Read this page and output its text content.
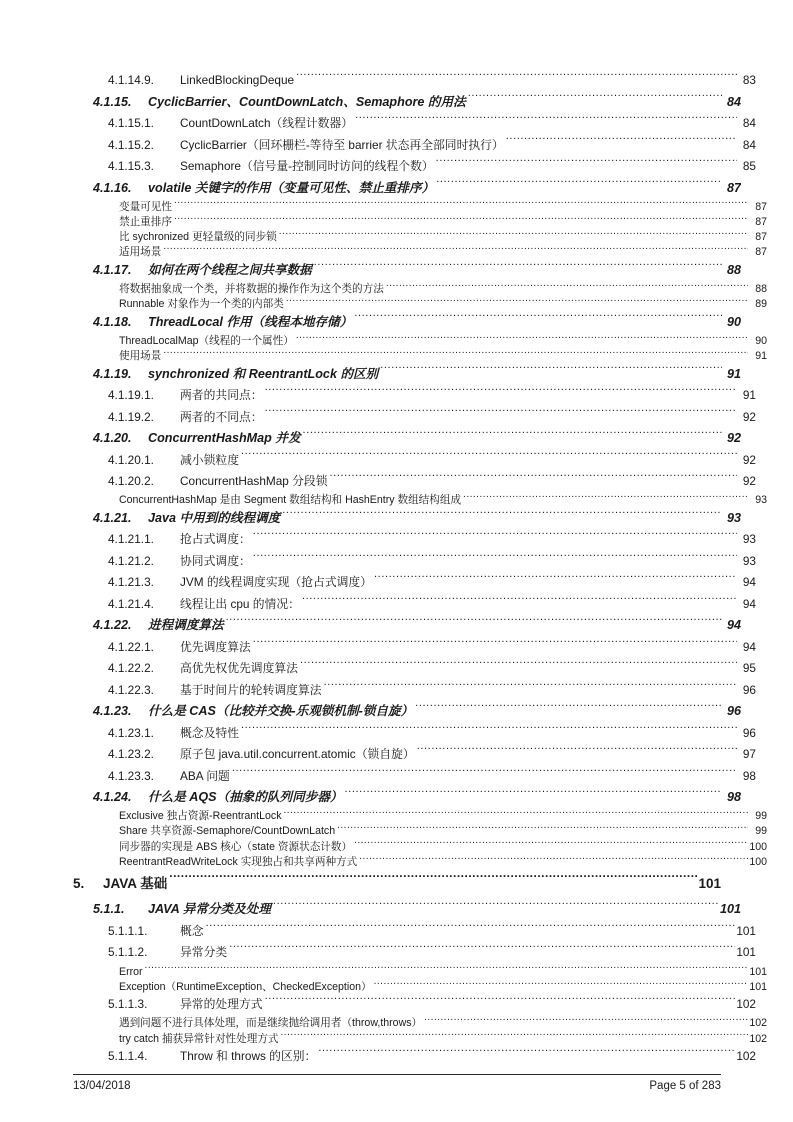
4.1.14.9.	LinkedBlockingDeque .....	83
4.1.15.	CyclicBarrier、CountDownLatch、Semaphore 的用法 .....	84
4.1.15.1.	CountDownLatch（线程计数器） .....	84
4.1.15.2.	CyclicBarrier（回环栅栏-等待至 barrier 状态再全部同时执行） .....	84
4.1.15.3.	Semaphore（信号量-控制同时访问的线程个数） .....	85
4.1.16.	volatile 关键字的作用（变量可见性、禁止重排序） .....	87
变量可见性 .....	87
禁止重排序 .....	87
比 sychronized 更轻量级的同步锁 .....	87
适用场景 .....	87
4.1.17.	如何在两个线程之间共享数据 .....	88
将数据抽象成一个类，并将数据的操作作为这个类的方法 .....	88
Runnable 对象作为一个类的内部类 .....	89
4.1.18.	ThreadLocal 作用（线程本地存储） .....	90
ThreadLocalMap（线程的一个属性） .....	90
使用场景 .....	91
4.1.19.	synchronized 和 ReentrantLock 的区别 .....	91
4.1.19.1.	两者的共同点： .....	91
4.1.19.2.	两者的不同点： .....	92
4.1.20.	ConcurrentHashMap 并发 .....	92
4.1.20.1.	减小锁粒度 .....	92
4.1.20.2.	ConcurrentHashMap 分段锁 .....	92
ConcurrentHashMap 是由 Segment 数组结构和 HashEntry 数组结构组成 .....	93
4.1.21.	Java 中用到的线程调度 .....	93
4.1.21.1.	抢占式调度： .....	93
4.1.21.2.	协同式调度： .....	93
4.1.21.3.	JVM 的线程调度实现（抢占式调度） .....	94
4.1.21.4.	线程让出 cpu 的情况： .....	94
4.1.22.	进程调度算法 .....	94
4.1.22.1.	优先调度算法 .....	94
4.1.22.2.	高优先权优先调度算法 .....	95
4.1.22.3.	基于时间片的轮转调度算法 .....	96
4.1.23.	什么是 CAS（比较并交换-乐观锁机制-锁自旋） .....	96
4.1.23.1.	概念及特性 .....	96
4.1.23.2.	原子包 java.util.concurrent.atomic（锁自旋） .....	97
4.1.23.3.	ABA 问题 .....	98
4.1.24.	什么是 AQS（抽象的队列同步器） .....	98
Exclusive 独占资源-ReentrantLock .....	99
Share 共享资源-Semaphore/CountDownLatch .....	99
同步器的实现是 ABS 核心（state 资源状态计数） .....	100
ReentrantReadWriteLock 实现独占和共享两种方式 .....	100
5.	JAVA 基础 .....	101
5.1.1.	JAVA 异常分类及处理 .....	101
5.1.1.1.	概念 .....	101
5.1.1.2.	异常分类 .....	101
Error .....	101
Exception（RuntimeException、CheckedException） .....	101
5.1.1.3.	异常的处理方式 .....	102
遇到问题不进行具体处理，而是继续抛给调用者（throw,throws） .....	102
try catch 捕获异常针对性处理方式 .....	102
5.1.1.4.	Throw 和 throws 的区别： .....	102
13/04/2018	Page 5 of 283
